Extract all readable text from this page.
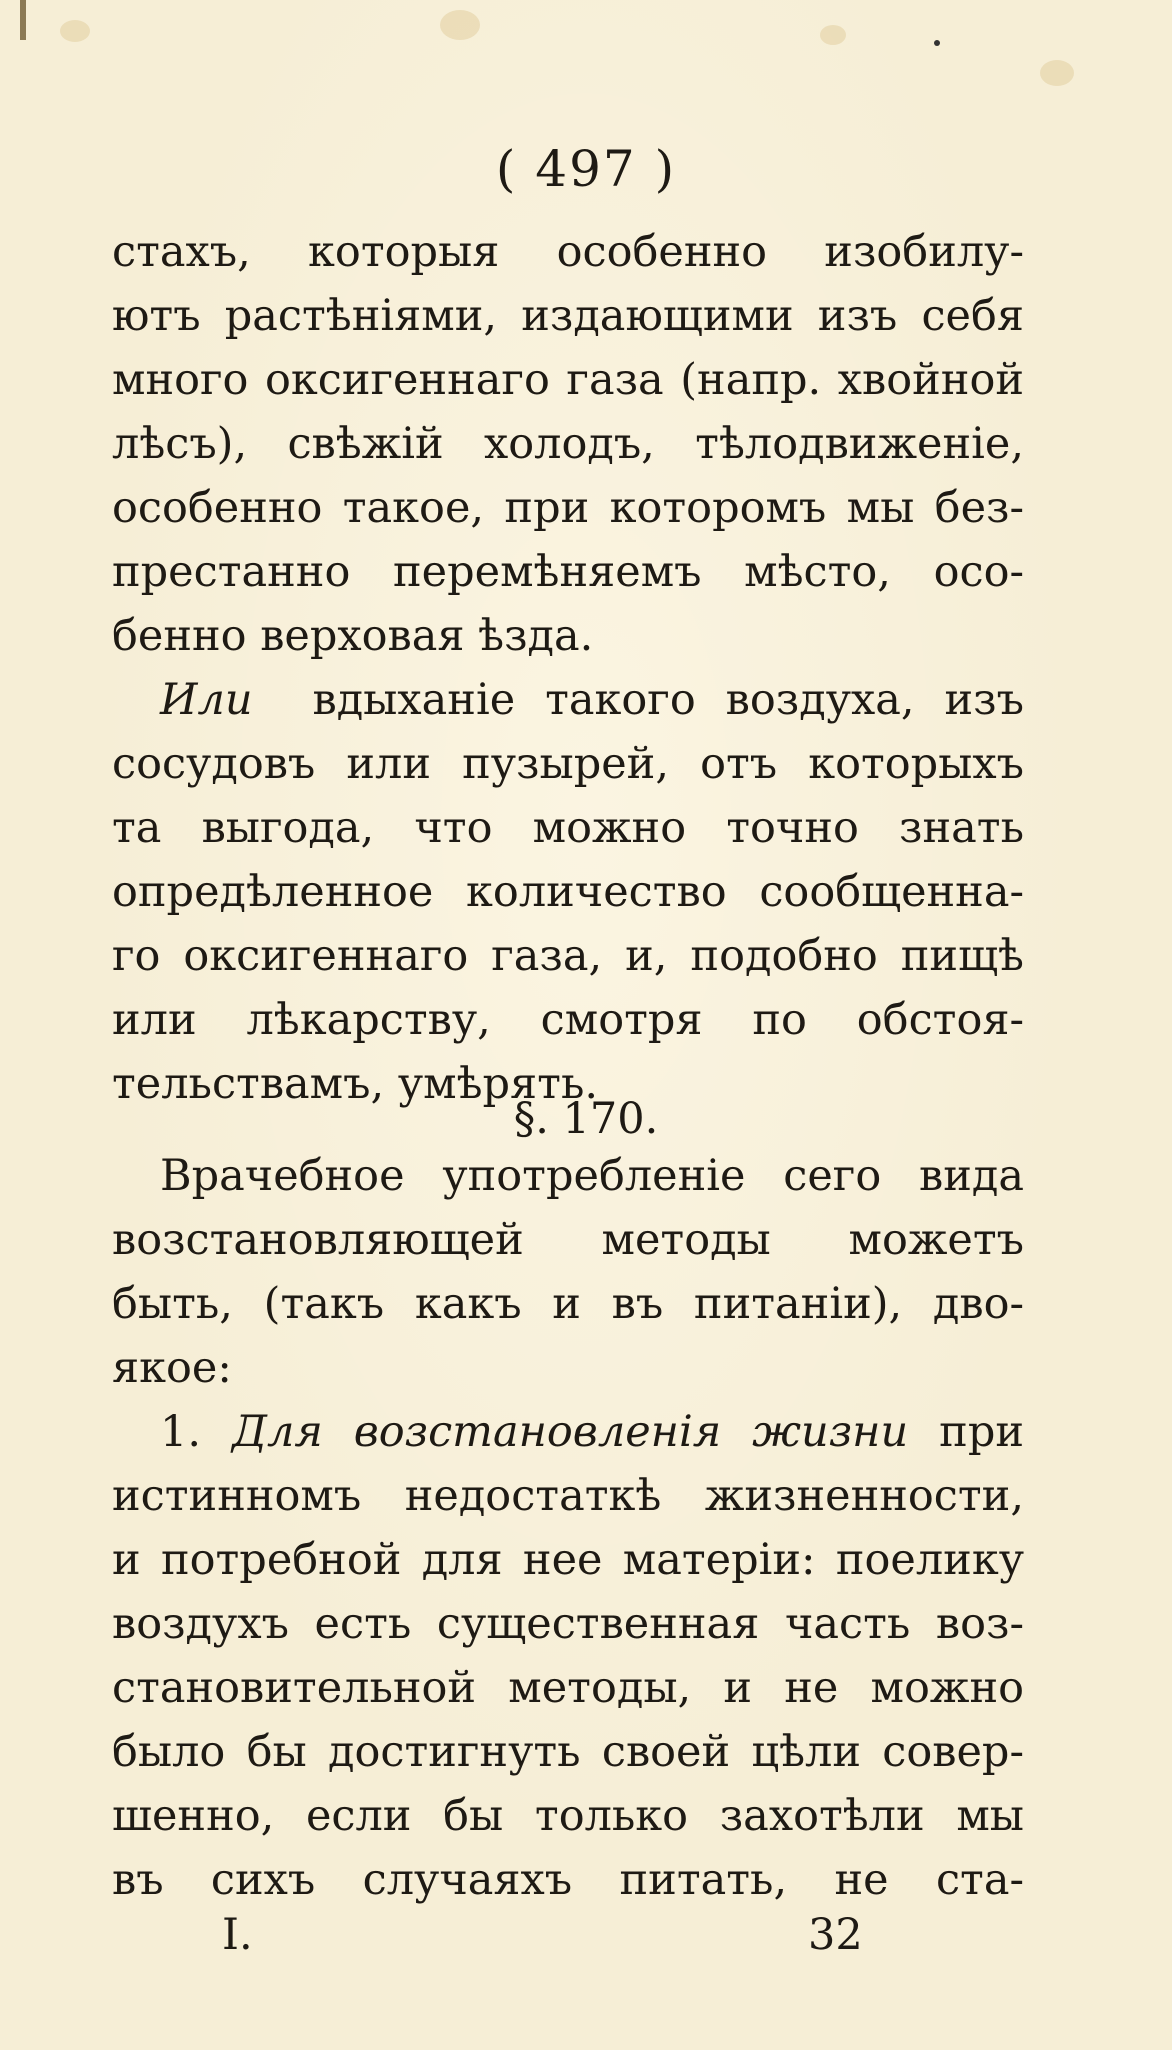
( 497 )
стахъ, которыя особенно изобилу-
ютъ растѣнiями, издающими изъ себя
много оксигеннаго газа (напр. хвойной
лѣсъ), свѣжiй холодъ, тѣлодвиженiе,
особенно такое, при которомъ мы без-
престанно перемѣняемъ мѣсто, осо-
бенно верховая ѣзда.
Или вдыханiе такого воздуха, изъ
сосудовъ или пузырей, отъ которыхъ
та выгода, что можно точно знать
опредѣленное количество сообщенна-
го оксигеннаго газа, и, подобно пищѣ
или лѣкарству, смотря по обстоя-
тельствамъ, умѣрять.
§. 170.
Врачебное употребленiе сего вида
возстановляющей методы можетъ
быть, (такъ какъ и въ питанiи), дво-
якое:
1. Для возстановленiя жизни при
истинномъ недостаткѣ жизненности,
и потребной для нее матерiи: поелику
воздухъ есть существенная часть воз-
становительной методы, и не можно
было бы достигнуть своей цѣли совер-
шенно, если бы только захотѣли мы
въ сихъ случаяхъ питать, не ста-
I.	32
